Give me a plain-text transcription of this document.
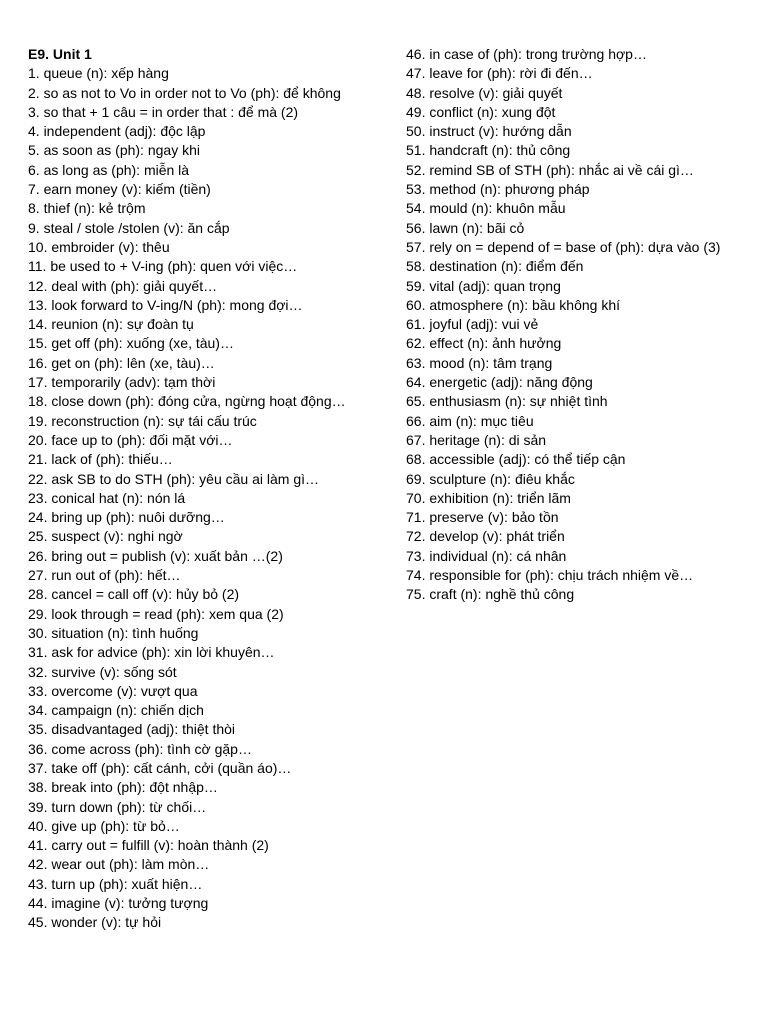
E9. Unit 1

1. queue (n): xếp hàng

2. so as not to Vo in order not to Vo (ph): để không

3. so that + 1 câu = in order that : để mà (2)

4. independent (adj): độc lập

5. as soon as (ph): ngay khi

6. as long as (ph): miễn là

7. earn money (v): kiếm (tiền)

8. thief (n): kẻ trộm

9. steal / stole /stolen (v): ăn cắp

10. embroider (v): thêu

11. be used to + V-ing (ph): quen với việc…

12. deal with (ph): giải quyết…

13. look forward to V-ing/N (ph): mong đợi…

14. reunion (n): sự đoàn tụ

15. get off (ph): xuống (xe, tàu)…

16. get on (ph): lên (xe, tàu)…

17. temporarily (adv): tạm thời

18. close down (ph): đóng cửa, ngừng hoạt động…

19. reconstruction (n): sự tái cấu trúc

20. face up to (ph): đối mặt với…

21. lack of (ph): thiếu…

22. ask SB to do STH (ph): yêu cầu ai làm gì…

23. conical hat (n): nón lá

24. bring up (ph): nuôi dưỡng…

25. suspect (v): nghi ngờ

26. bring out = publish (v): xuất bản …(2)

27. run out of (ph): hết…

28. cancel = call off (v): hủy bỏ (2)

29. look through = read (ph): xem qua (2)

30. situation (n): tình huống

31. ask for advice (ph): xin lời khuyên…

32. survive (v): sống sót

33. overcome (v): vượt qua

34. campaign (n): chiến dịch

35. disadvantaged (adj): thiệt thòi

36. come across (ph): tình cờ gặp…

37. take off (ph): cất cánh, cởi (quần áo)…

38. break into (ph): đột nhập…

39. turn down (ph): từ chối…

40. give up (ph): từ bỏ…

41. carry out = fulfill (v): hoàn thành (2)

42. wear out (ph): làm mòn…

43. turn up (ph): xuất hiện…

44. imagine (v): tưởng tượng

45. wonder (v): tự hỏi

46. in case of (ph): trong trường hợp…

47. leave for (ph): rời đi đến…

48. resolve (v): giải quyết

49. conflict (n): xung đột

50. instruct (v): hướng dẫn

51. handcraft (n): thủ công

52. remind SB of STH (ph): nhắc ai về cái gì…

53. method (n): phương pháp

54. mould (n): khuôn mẫu

56. lawn (n): bãi cỏ

57. rely on = depend of = base of (ph): dựa vào (3)

58. destination (n): điểm đến

59. vital (adj): quan trọng

60. atmosphere (n): bầu không khí

61. joyful (adj): vui vẻ

62. effect (n): ảnh hưởng

63. mood (n): tâm trạng

64. energetic (adj): năng động

65. enthusiasm (n): sự nhiệt tình

66. aim (n): mục tiêu

67. heritage (n): di sản

68. accessible (adj): có thể tiếp cận

69. sculpture (n): điêu khắc

70. exhibition (n): triển lãm

71. preserve (v): bảo tồn

72. develop (v): phát triển

73. individual (n): cá nhân

74. responsible for (ph): chịu trách nhiệm về…

75. craft (n): nghề thủ công
